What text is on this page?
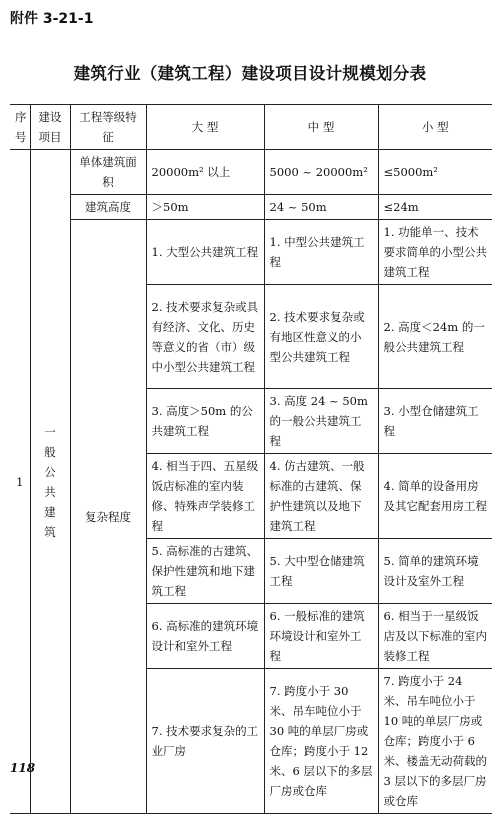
附件 3-21-1
建筑行业（建筑工程）建设项目设计规模划分表
序号	建设项目	工程等级特征	大 型	中 型	小 型
1	一般公共建筑	单体建筑面积	20000m² 以上	5000 ~ 20000m²	≤5000m²
		建筑高度	＞50m	24 ~ 50m	≤24m
		复杂程度	1. 大型公共建筑工程	1. 中型公共建筑工程	1. 功能单一、技术要求简单的小型公共建筑工程
			2. 技术要求复杂或具有经济、文化、历史等意义的省（市）级中小型公共建筑工程	2. 技术要求复杂或有地区性意义的小型公共建筑工程	2. 高度＜24m 的一般公共建筑工程
			3. 高度＞50m 的公共建筑工程	3. 高度 24 ~ 50m 的一般公共建筑工程	3. 小型仓储建筑工程
			4. 相当于四、五星级饭店标准的室内装修、特殊声学装修工程	4. 仿古建筑、一般标准的古建筑、保护性建筑以及地下建筑工程	4. 简单的设备用房及其它配套用房工程
			5. 高标准的古建筑、保护性建筑和地下建筑工程	5. 大中型仓储建筑工程	5. 简单的建筑环境设计及室外工程
			6. 高标准的建筑环境设计和室外工程	6. 一般标准的建筑环境设计和室外工程	6. 相当于一星级饭店及以下标准的室内装修工程
			7. 技术要求复杂的工业厂房	7. 跨度小于 30 米、吊车吨位小于 30 吨的单层厂房或仓库；跨度小于 12 米、6 层以下的多层厂房或仓库	7. 跨度小于 24 米、吊车吨位小于 10 吨的单层厂房或仓库；跨度小于 6 米、楼盖无动荷载的 3 层以下的多层厂房或仓库
118
